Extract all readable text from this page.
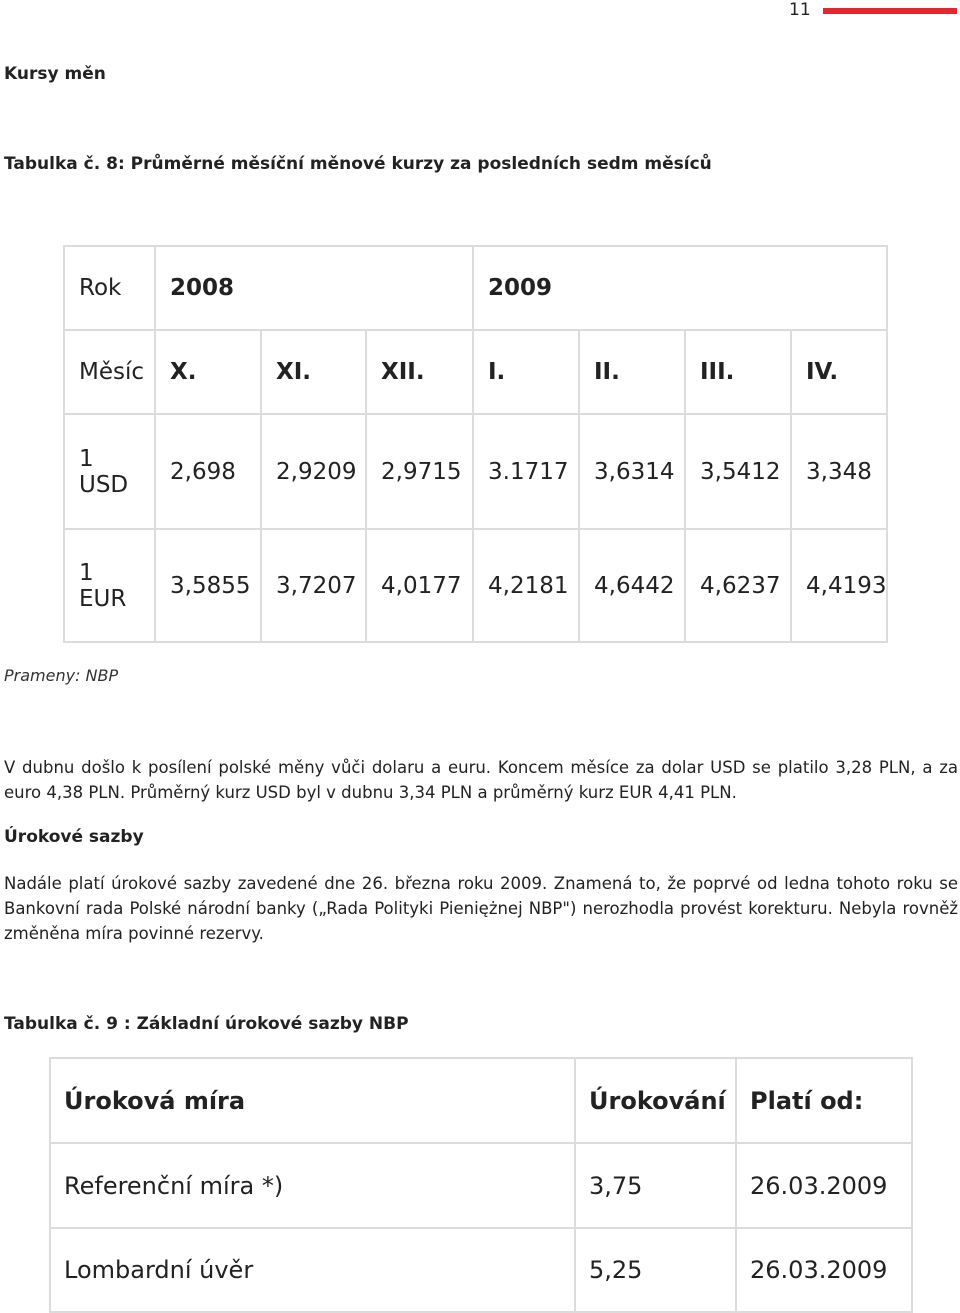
11
Kursy měn
Tabulka č. 8: Průměrné měsíční měnové kurzy za posledních sedm měsíců
Rok	2008			2009			
Měsíc	X.	XI.	XII.	I.	II.	III.	IV.
1
USD	2,698	2,9209	2,9715	3.1717	3,6314	3,5412	3,348
1
EUR	3,5855	3,7207	4,0177	4,2181	4,6442	4,6237	4,4193
Prameny: NBP

V dubnu došlo k posílení polské měny vůči dolaru a euru. Koncem měsíce za dolar USD se platilo 3,28 PLN, a za euro 4,38 PLN. Průměrný kurz USD byl v dubnu 3,34 PLN a průměrný kurz EUR 4,41 PLN.

Úrokové sazby

Nadále platí úrokové sazby zavedené dne 26. března roku 2009. Znamená to, že poprvé od ledna tohoto roku se Bankovní rada Polské národní banky („Rada Polityki Pieniężnej NBP") nerozhodla provést korekturu. Nebyla rovněž změněna míra povinné rezervy.

Tabulka č. 9 : Základní úrokové sazby NBP
Úroková míra	Úrokování	Platí od:
Referenční míra *)	3,75	26.03.2009
Lombardní úvěr	5,25	26.03.2009
